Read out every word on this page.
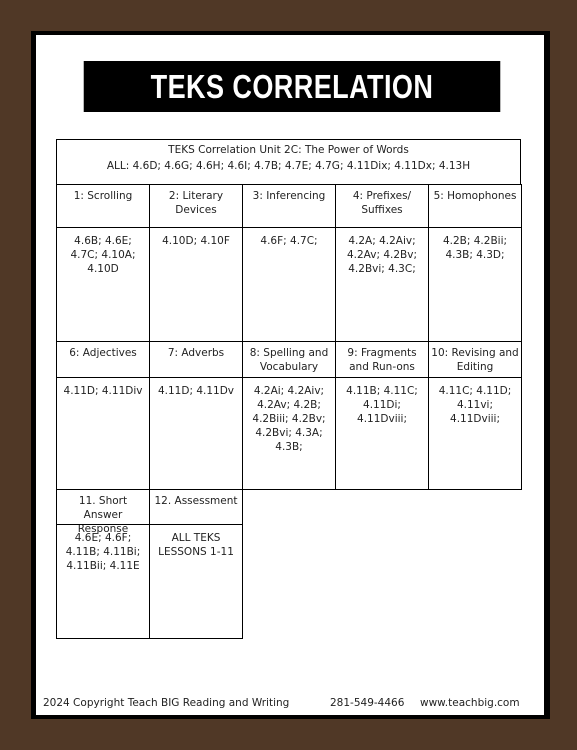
TEKS CORRELATION
TEKS Correlation Unit 2C: The Power of Words
ALL: 4.6D; 4.6G; 4.6H; 4.6I; 4.7B; 4.7E; 4.7G; 4.11Dix; 4.11Dx; 4.13H
1: Scrolling
4.6B; 4.6E; 4.7C; 4.10A; 4.10D
2: Literary Devices
4.10D; 4.10F
3: Inferencing
4.6F; 4.7C;
4: Prefixes/ Suffixes
4.2A; 4.2Aiv; 4.2Av; 4.2Bv; 4.2Bvi; 4.3C;
5: Homophones
4.2B; 4.2Bii; 4.3B; 4.3D;
6: Adjectives
4.11D; 4.11Div
7: Adverbs
4.11D; 4.11Dv
8: Spelling and Vocabulary
4.2Ai; 4.2Aiv; 4.2Av; 4.2B; 4.2Biii; 4.2Bv; 4.2Bvi; 4.3A; 4.3B;
9: Fragments and Run-ons
4.11B; 4.11C; 4.11Di; 4.11Dviii;
10: Revising and Editing
4.11C; 4.11D; 4.11vi; 4.11Dviii;
11. Short Answer Response
4.6E; 4.6F; 4.11B; 4.11Bi; 4.11Bii; 4.11E
12. Assessment
ALL TEKS LESSONS 1-11
2024 Copyright Teach BIG Reading and Writing	281-549-4466 www.teachbig.com
